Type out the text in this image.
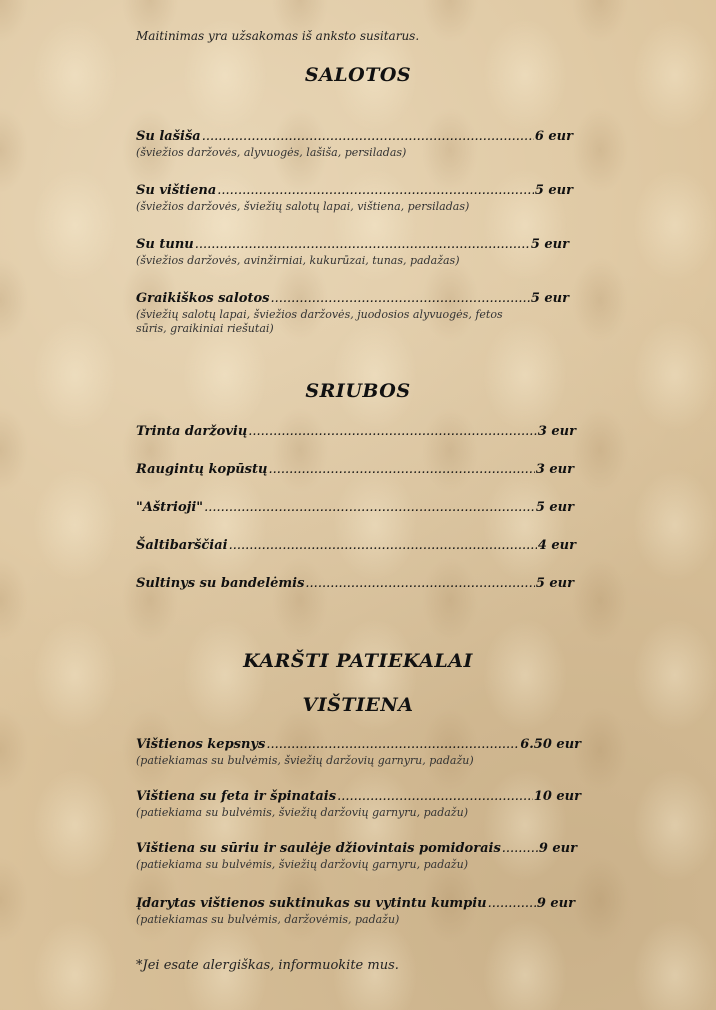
Maitinimas yra užsakomas iš anksto susitarus.
SALOTOS
Su lašiša .....	6 eur
(šviežios daržovės, alyvuogės, lašiša, persiladas)
Su vištiena .....	5 eur
(šviežios daržovės, šviežių salotų lapai, vištiena, persiladas)
Su tunu .....	5 eur
(šviežios daržovės, avinžirniai, kukurūzai, tunas, padažas)
Graikiškos salotos .....	5 eur
(šviežių salotų lapai, šviežios daržovės, juodosios alyvuogės, fetos sūris, graikiniai riešutai)
SRIUBOS
Trinta daržovių .....	3 eur
Raugintų kopūstų .....	3 eur
"Aštrioji" .....	5 eur
Šaltibarščiai .....	4 eur
Sultinys su bandelėmis .....	5 eur
KARŠTI PATIEKALAI
VIŠTIENA
Vištienos kepsnys .....	6.50 eur
(patiekiamas su bulvėmis, šviežių daržovių garnyru, padažu)
Vištiena su feta ir špinatais .....	10 eur
(patiekiama su bulvėmis, šviežių daržovių garnyru, padažu)
Vištiena su sūriu ir saulėje džiovintais pomidorais .....	9 eur
(patiekiama su bulvėmis, šviežių daržovių garnyru, padažu)
Įdarytas vištienos suktinukas su vytintu kumpiu .....	9 eur
(patiekiamas su bulvėmis, daržovėmis, padažu)
*Jei esate alergiškas, informuokite mus.
